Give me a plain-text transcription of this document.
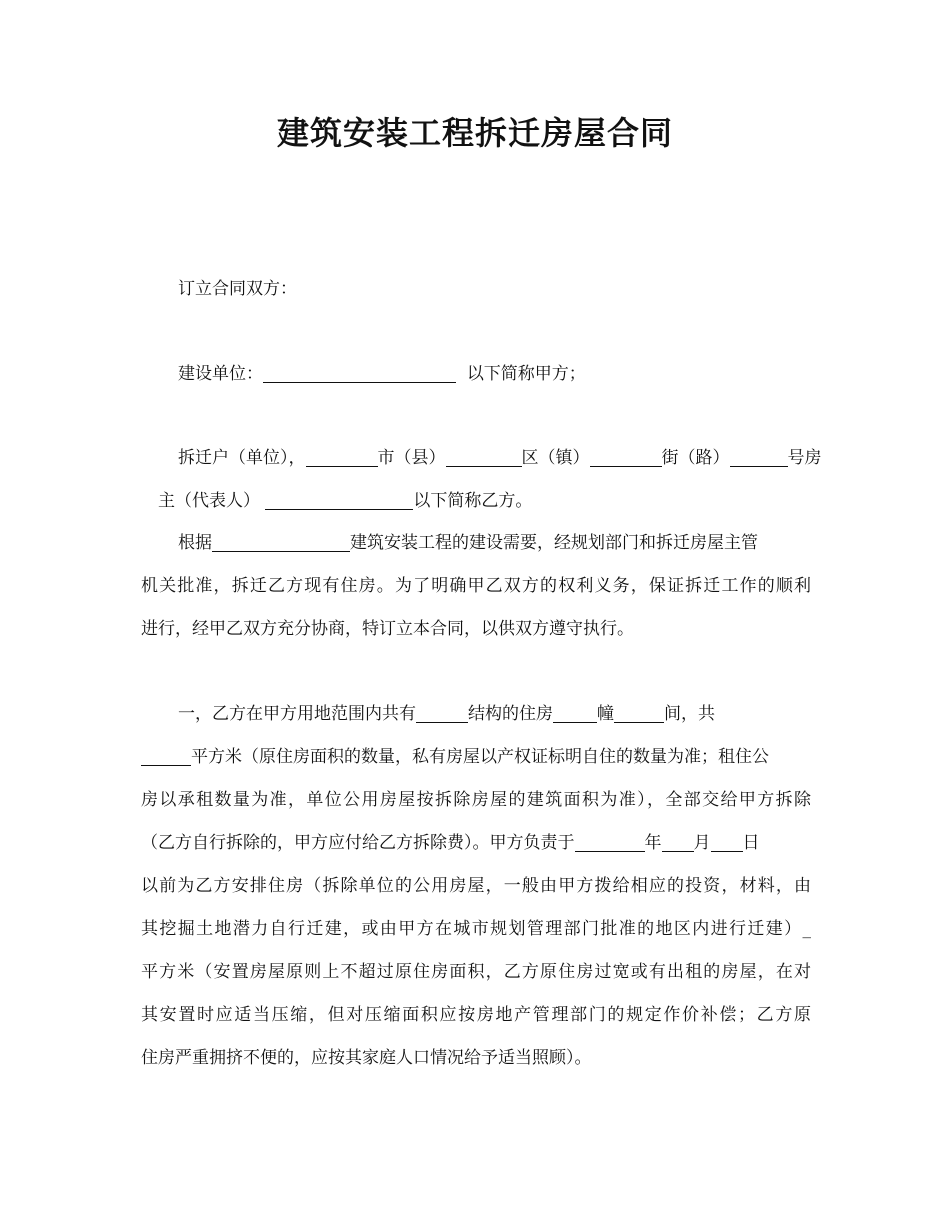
建筑安装工程拆迁房屋合同
订立合同双方：
建设单位：	以下简称甲方；
拆迁户（单位），	市（县）	区（镇）	街（路）	号房
主（代表人）	以下简称乙方。
根据	建筑安装工程的建设需要，经规划部门和拆迁房屋主管
机关批准，拆迁乙方现有住房。为了明确甲乙双方的权利义务，保证拆迁工作的顺利
进行，经甲乙双方充分协商，特订立本合同，以供双方遵守执行。
一，乙方在甲方用地范围内共有	结构的住房	幢	间，共
平方米（原住房面积的数量，私有房屋以产权证标明自住的数量为准；租住公
房以承租数量为准，单位公用房屋按拆除房屋的建筑面积为准），全部交给甲方拆除
（乙方自行拆除的，甲方应付给乙方拆除费）。甲方负责于	年 月 日
以前为乙方安排住房（拆除单位的公用房屋，一般由甲方拨给相应的投资，材料，由
其挖掘土地潜力自行迁建，或由甲方在城市规划管理部门批准的地区内进行迁建）_
平方米（安置房屋原则上不超过原住房面积，乙方原住房过宽或有出租的房屋，在对
其安置时应适当压缩，但对压缩面积应按房地产管理部门的规定作价补偿；乙方原
住房严重拥挤不便的，应按其家庭人口情况给予适当照顾）。
